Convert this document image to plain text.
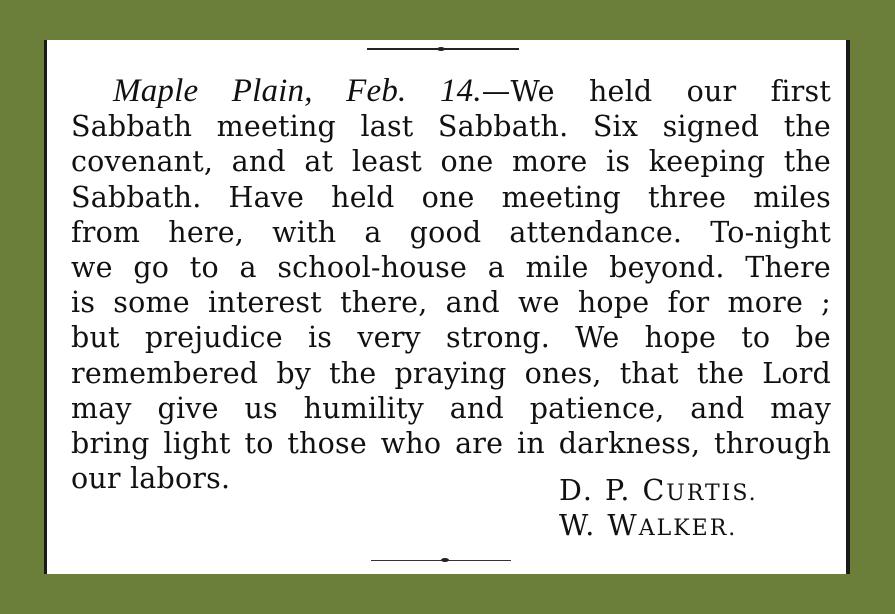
Maple Plain, Feb. 14.—We held our first
Sabbath meeting last Sabbath. Six signed the
covenant, and at least one more is keeping the
Sabbath. Have held one meeting three miles
from here, with a good attendance. To-night
we go to a school-house a mile beyond. There
is some interest there, and we hope for more ;
but prejudice is very strong. We hope to be
remembered by the praying ones, that the Lord
may give us humility and patience, and may
bring light to those who are in darkness, through
our labors.	D. P. CURTIS.
W. WALKER.
